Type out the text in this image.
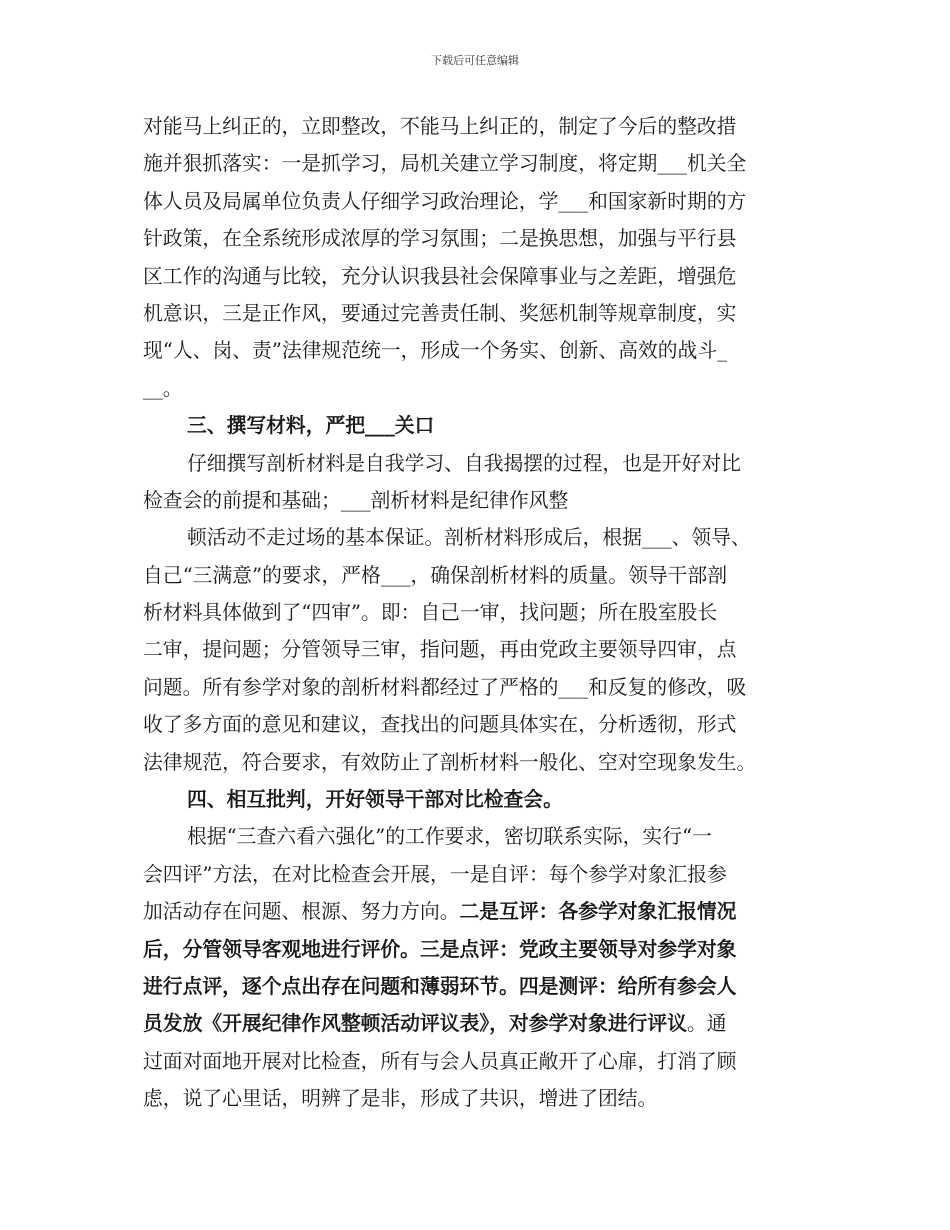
下载后可任意编辑
对能马上纠正的，立即整改，不能马上纠正的，制定了今后的整改措
施并狠抓落实：一是抓学习，局机关建立学习制度，将定期___机关全
体人员及局属单位负责人仔细学习政治理论，学___和国家新时期的方
针政策，在全系统形成浓厚的学习氛围；二是换思想，加强与平行县
区工作的沟通与比较，充分认识我县社会保障事业与之差距，增强危
机意识，三是正作风，要通过完善责任制、奖惩机制等规章制度，实
现“人、岗、责”法律规范统一，形成一个务实、创新、高效的战斗_
__。
三、撰写材料，严把___关口
仔细撰写剖析材料是自我学习、自我揭摆的过程，也是开好对比
检查会的前提和基础；___剖析材料是纪律作风整
顿活动不走过场的基本保证。剖析材料形成后，根据___、领导、
自己“三满意”的要求，严格___，确保剖析材料的质量。领导干部剖
析材料具体做到了“四审”。即：自己一审，找问题；所在股室股长
二审，提问题；分管领导三审，指问题，再由党政主要领导四审，点
问题。所有参学对象的剖析材料都经过了严格的___和反复的修改，吸
收了多方面的意见和建议，查找出的问题具体实在，分析透彻，形式
法律规范，符合要求，有效防止了剖析材料一般化、空对空现象发生。
四、相互批判，开好领导干部对比检查会。
根据“三查六看六强化”的工作要求，密切联系实际，实行“一
会四评”方法，在对比检查会开展，一是自评：每个参学对象汇报参
加活动存在问题、根源、努力方向。二是互评：各参学对象汇报情况
后，分管领导客观地进行评价。三是点评：党政主要领导对参学对象
进行点评，逐个点出存在问题和薄弱环节。四是测评：给所有参会人
员发放《开展纪律作风整顿活动评议表》，对参学对象进行评议。通
过面对面地开展对比检查，所有与会人员真正敞开了心扉，打消了顾
虑，说了心里话，明辨了是非，形成了共识，增进了团结。
